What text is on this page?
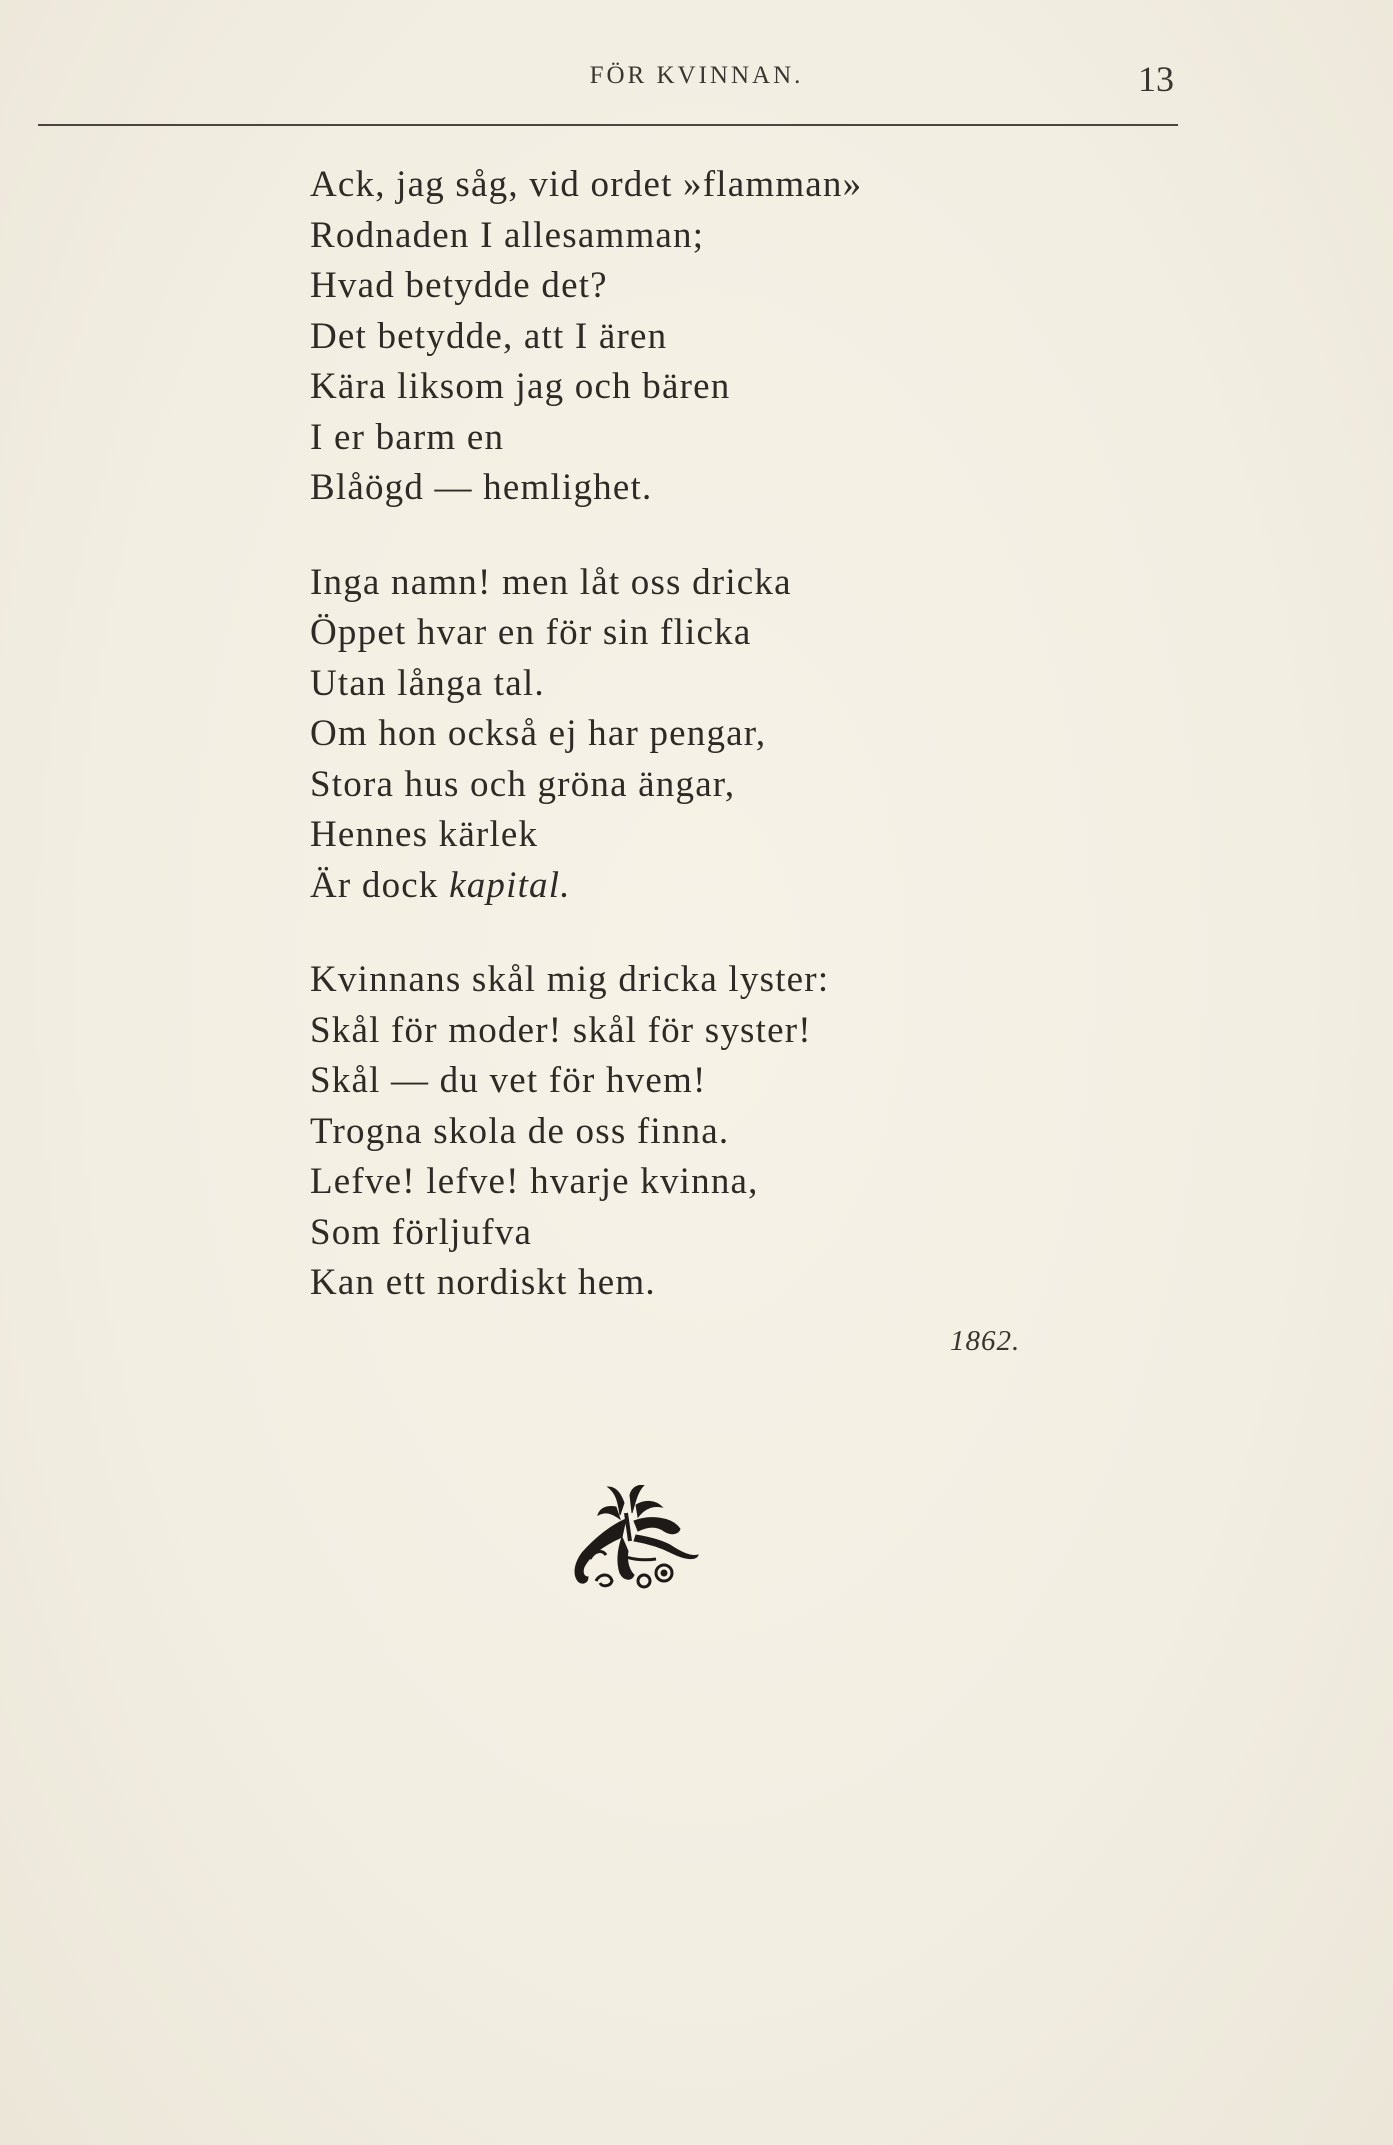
FÖR KVINNAN.	13
Ack, jag såg, vid ordet »flamman»
Rodnaden I allesamman;
Hvad betydde det?
Det betydde, att I ären
Kära liksom jag och bären
I er barm en
Blåögd — hemlighet.
Inga namn! men låt oss dricka
Öppet hvar en för sin flicka
Utan långa tal.
Om hon också ej har pengar,
Stora hus och gröna ängar,
Hennes kärlek
Är dock kapital.
Kvinnans skål mig dricka lyster:
Skål för moder! skål för syster!
Skål — du vet för hvem!
Trogna skola de oss finna.
Lefve! lefve! hvarje kvinna,
Som förljufva
Kan ett nordiskt hem.
1862.
